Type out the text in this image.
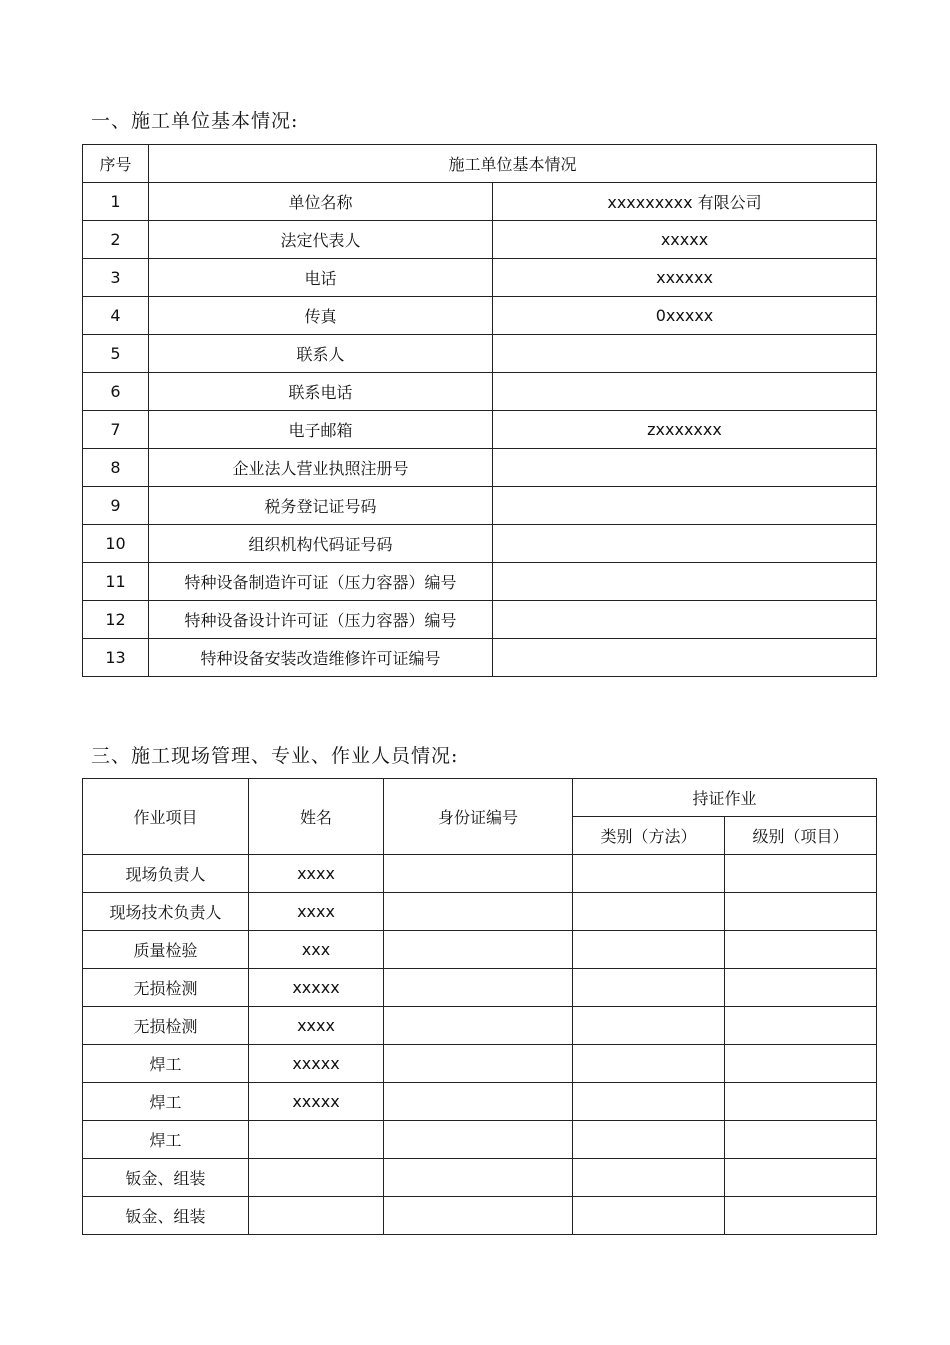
一、施工单位基本情况:
序号	施工单位基本情况	
1	单位名称	xxxxxxxxx 有限公司
2	法定代表人	xxxxx
3	电话	xxxxxx
4	传真	0xxxxx
5	联系人	
6	联系电话	
7	电子邮箱	zxxxxxxx
8	企业法人营业执照注册号	
9	税务登记证号码	
10	组织机构代码证号码	
11	特种设备制造许可证（压力容器）编号	
12	特种设备设计许可证（压力容器）编号	
13	特种设备安装改造维修许可证编号	
三、施工现场管理、专业、作业人员情况:
作业项目	姓名	身份证编号	持证作业	
			类别（方法）	级别（项目）
现场负责人	xxxx			
现场技术负责人	xxxx			
质量检验	xxx			
无损检测	xxxxx			
无损检测	xxxx			
焊工	xxxxx			
焊工	xxxxx			
焊工				
钣金、组装				
钣金、组装				
